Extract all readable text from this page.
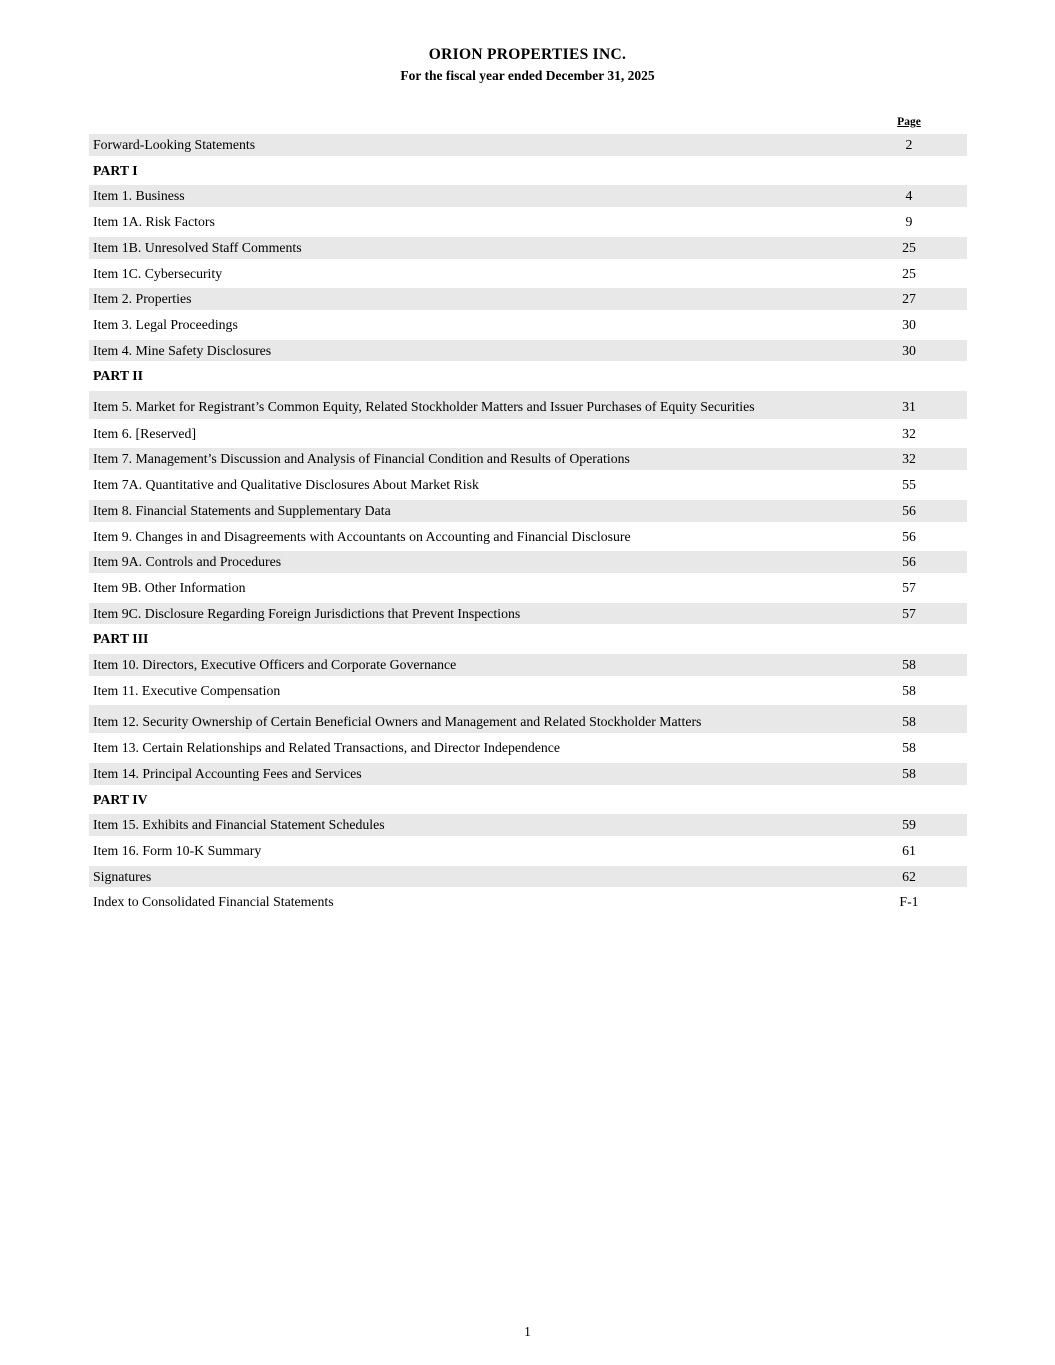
ORION PROPERTIES INC.
For the fiscal year ended December 31, 2025
Page
Forward-Looking Statements	2
PART I
Item 1. Business	4
Item 1A. Risk Factors	9
Item 1B. Unresolved Staff Comments	25
Item 1C. Cybersecurity	25
Item 2. Properties	27
Item 3. Legal Proceedings	30
Item 4. Mine Safety Disclosures	30
PART II
Item 5. Market for Registrant’s Common Equity, Related Stockholder Matters and Issuer Purchases of Equity Securities	31
Item 6. [Reserved]	32
Item 7. Management’s Discussion and Analysis of Financial Condition and Results of Operations	32
Item 7A. Quantitative and Qualitative Disclosures About Market Risk	55
Item 8. Financial Statements and Supplementary Data	56
Item 9. Changes in and Disagreements with Accountants on Accounting and Financial Disclosure	56
Item 9A. Controls and Procedures	56
Item 9B. Other Information	57
Item 9C. Disclosure Regarding Foreign Jurisdictions that Prevent Inspections	57
PART III
Item 10. Directors, Executive Officers and Corporate Governance	58
Item 11. Executive Compensation	58
Item 12. Security Ownership of Certain Beneficial Owners and Management and Related Stockholder Matters	58
Item 13. Certain Relationships and Related Transactions, and Director Independence	58
Item 14. Principal Accounting Fees and Services	58
PART IV
Item 15. Exhibits and Financial Statement Schedules	59
Item 16. Form 10-K Summary	61
Signatures	62
Index to Consolidated Financial Statements	F-1
1
